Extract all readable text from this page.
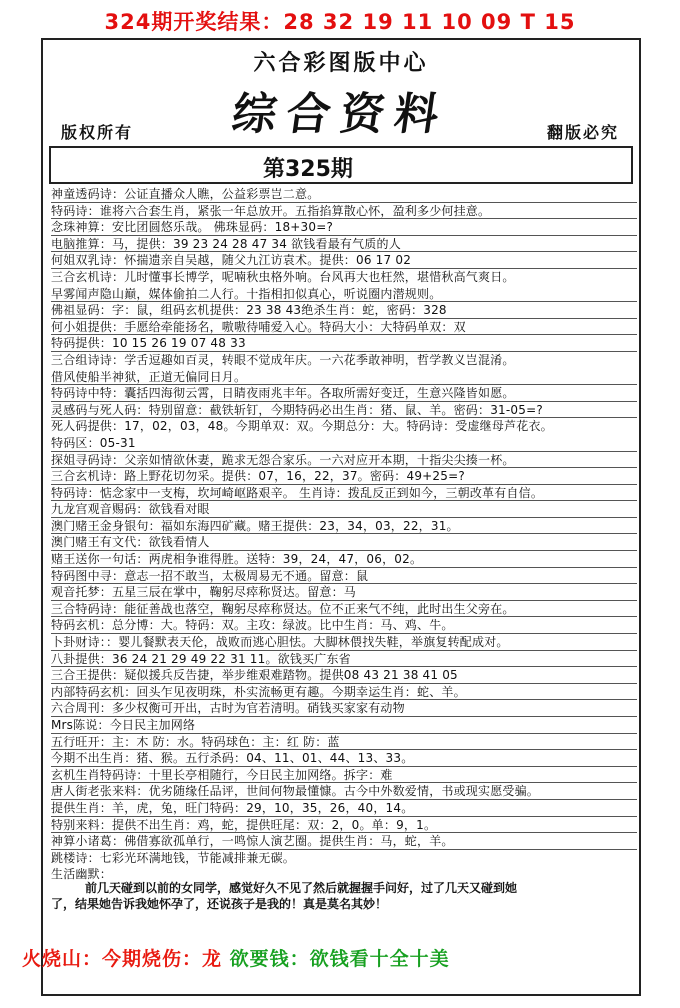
324期开奖结果：28 32 19 11 10 09 T 15
六合彩图版中心
综合资料
版权所有	翻版必究
第325期
神童透码诗：公证直播众人瞧，公益彩票岂二意。
特码诗：谁将六合套生肖，紧张一年总放开。五指掐算散心怀，盈利多少何挂意。
念珠神算：安比团圆悠乐哉。 佛珠显码：18+30=?
电脑推算：马，提供：39 23 24 28 47 34 欲钱看最有气质的人
何姐双乳诗：怀揣遗亲自吴越，随父九江访袁术。提供：06 17 02
三合玄机诗：儿时懂事长博学，呢喃秋虫格外响。台风再大也枉然，堪惜秋高气爽日。
早雾闻声隐山巅，媒体偷拍二人行。十指相扣似真心，听说圈内潜规则。
佛祖显码：字：鼠，组码玄机提供：23 38 43绝杀生肖：蛇，密码：328
何小姐提供：手愿给牵能扬名，嗷嗷待哺爱入心。特码大小：大特码单双：双
特码提供：10 15 26 19 07 48 33
三合组诗诗：学舌逗趣如百灵，转眼不觉成年庆。一六花季敢神明，哲学教义岂混淆。
借风使船半神狱，正道无偏同日月。
特码诗中特：囊括四海彻云霄，日睛夜雨兆丰年。各取所需好变迁，生意兴隆皆如愿。
灵感码与死人码：特别留意：截铁斩钉，今期特码必出生肖：猪、鼠、羊。密码：31-05=?
死人码提供：17，02，03，48。今期单双：双。今期总分：大。特码诗：受虚继母芦花衣。
特码区：05-31
探姐寻码诗：父亲如情欲休妻，跪求无怨合家乐。一六对应开本期，十指尖尖揍一杯。
三合玄机诗：路上野花切勿采。提供：07，16，22，37。密码：49+25=?
特码诗：惦念家中一支梅，坎坷崎岖路艰辛。 生肖诗：拨乱反正到如今，三朝改革有自信。
九龙宫观音赐码：欲钱看对眼
澳门赌王金身银句：福如东海四矿藏。赌王提供：23，34，03，22，31。
澳门赌王有文代：欲钱看情人
赌王送你一句话：两虎相争谁得胜。送特：39，24，47，06，02。
特码图中寻：意志一招不敢当，太极周易无不通。留意：鼠
观音托梦：五星三辰在掌中，鞠躬尽瘁称贤达。留意：马
三合特码诗：能征善战也落空，鞠躬尽瘁称贤达。位不正来气不纯，此时出生父旁在。
特码玄机：总分博：大。特码：双。主攻：绿波。比中生肖：马、鸡、牛。
卜卦财诗：：婴儿餐默表天伦，战败而逃心胆怯。大脚林偎找失鞋，举旗复转配成对。
八卦提供：36 24 21 29 49 22 31 11。欲钱买广东省
三合王提供：疑似援兵反告捷，举步维艰难踏物。提供08 43 21 38 41 05
内部特码玄机：回头乍见夜明珠，朴实流畅更有趣。今期幸运生肖：蛇、羊。
六合周刊：多少权衡可开出，古时为官若清明。硝钱买家家有动物
Mrs陈说：今日民主加网络
五行旺开：主：木 防：水。特码球色：主：红 防：蓝
今期不出生肖：猪、猴。五行杀码：04、11、01、44、13、33。
玄机生肖特码诗：十里长亭相随行，今日民主加网络。拆字：难
唐人街老张来料：优劣随缘任品评，世间何物最懂慷。古今中外数爱情，书或现实愿受骗。
提供生肖：羊，虎，兔，旺门特码：29，10，35，26，40，14。
特别来料：提供不出生肖：鸡，蛇，提供旺尾：双：2，0。单：9，1。
神算小诸葛：佛借寡欲孤单行，一鸣惊人演艺圈。提供生肖：马，蛇，羊。
跳楼诗：七彩光环满地钱，节能减排兼无碳。
生活幽默：
前几天碰到以前的女同学，感觉好久不见了然后就握握手问好，过了几天又碰到她
了，结果她告诉我她怀孕了，还说孩子是我的！真是莫名其妙！
火烧山：今期烧伤：龙 欲要钱：欲钱看十全十美
